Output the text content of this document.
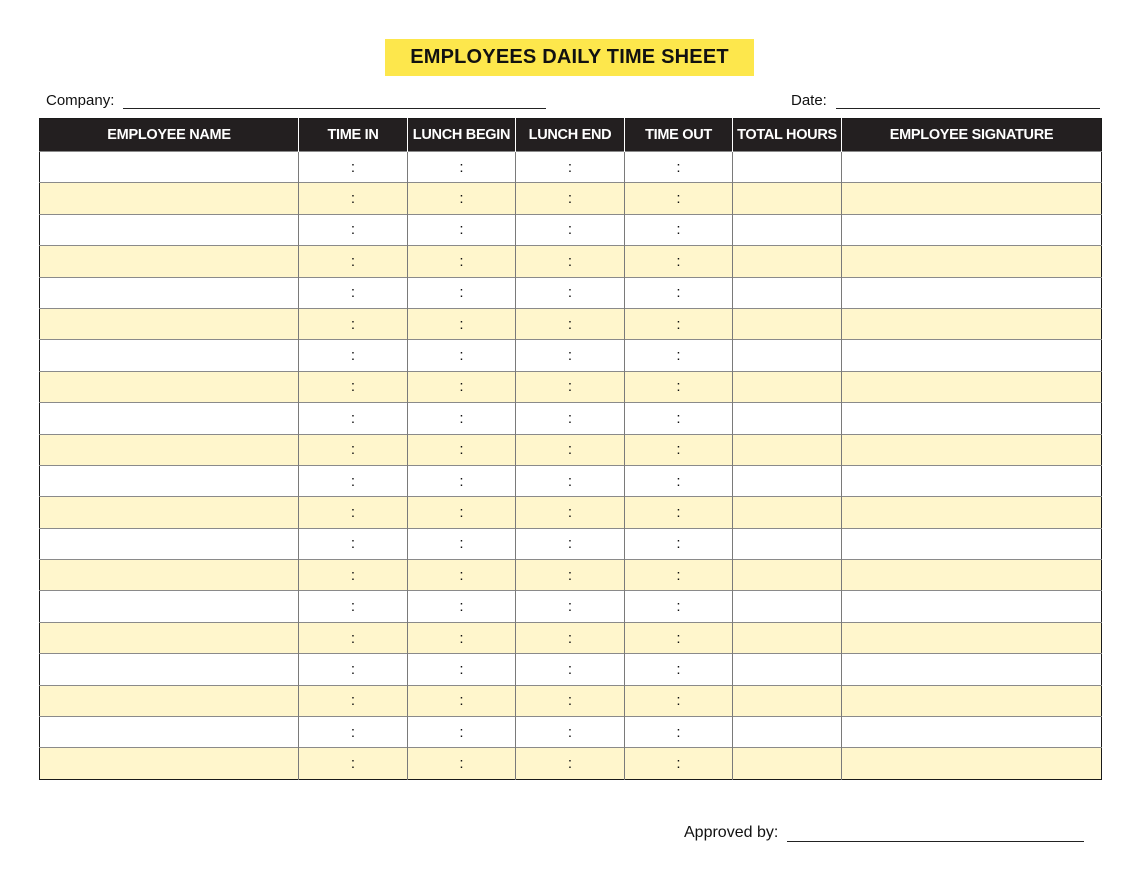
EMPLOYEES DAILY TIME SHEET
Company:	Date:
EMPLOYEE NAME	TIME IN	LUNCH BEGIN	LUNCH END	TIME OUT	TOTAL HOURS	EMPLOYEE SIGNATURE
	:	:	:	:		
	:	:	:	:		
	:	:	:	:		
	:	:	:	:		
	:	:	:	:		
	:	:	:	:		
	:	:	:	:		
	:	:	:	:		
	:	:	:	:		
	:	:	:	:		
	:	:	:	:		
	:	:	:	:		
	:	:	:	:		
	:	:	:	:		
	:	:	:	:		
	:	:	:	:		
	:	:	:	:		
	:	:	:	:		
	:	:	:	:		
	:	:	:	:		
Approved by:
